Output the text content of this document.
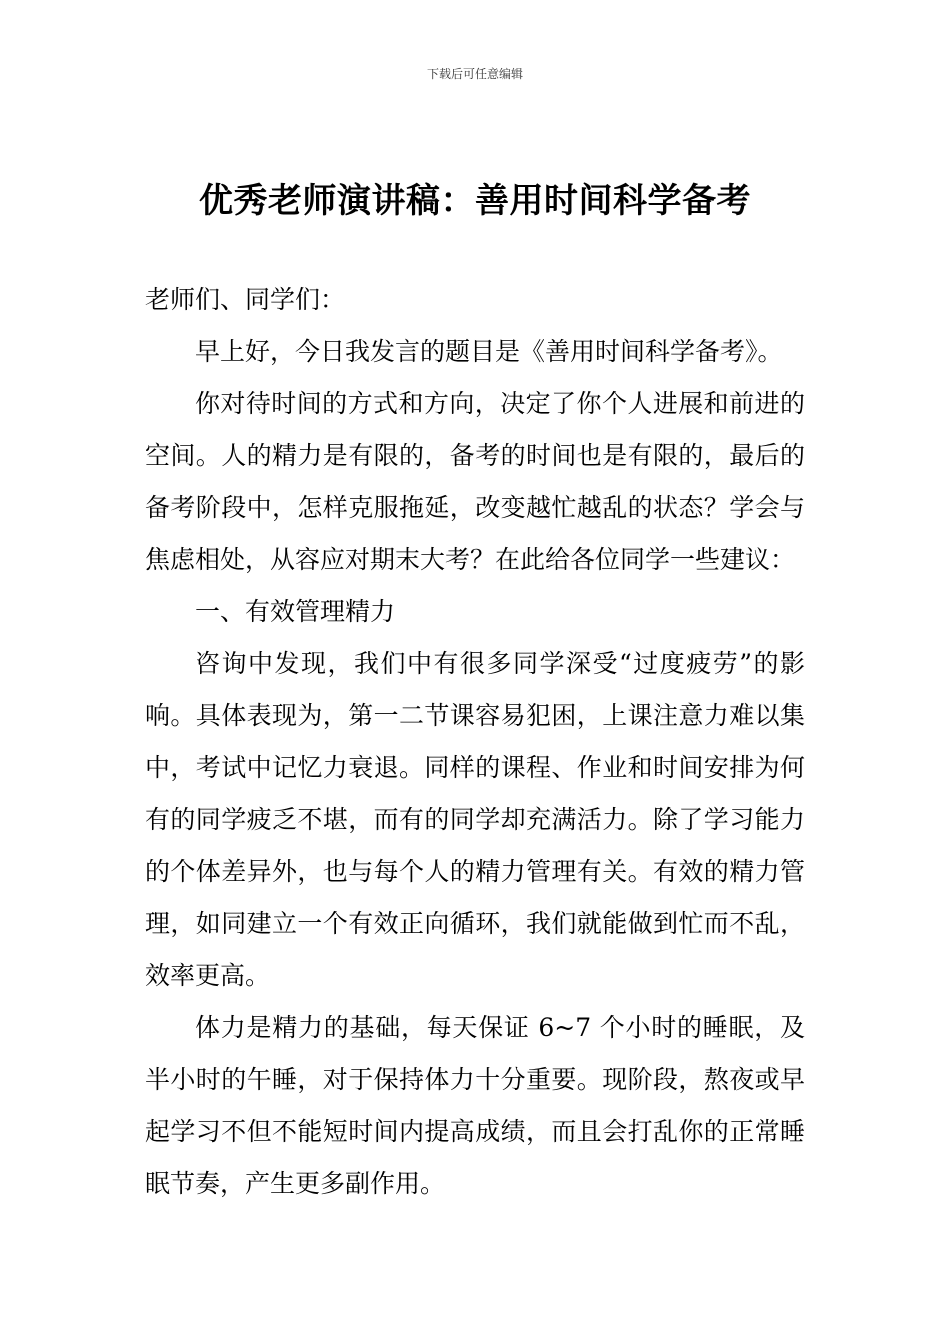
下载后可任意编辑
优秀老师演讲稿：善用时间科学备考

老师们、同学们：

早上好，今日我发言的题目是《善用时间科学备考》。

你对待时间的方式和方向，决定了你个人进展和前进的空间。人的精力是有限的，备考的时间也是有限的，最后的备考阶段中，怎样克服拖延，改变越忙越乱的状态？学会与焦虑相处，从容应对期末大考？在此给各位同学一些建议：

一、有效管理精力

咨询中发现，我们中有很多同学深受“过度疲劳”的影响。具体表现为，第一二节课容易犯困，上课注意力难以集中，考试中记忆力衰退。同样的课程、作业和时间安排为何有的同学疲乏不堪，而有的同学却充满活力。除了学习能力的个体差异外，也与每个人的精力管理有关。有效的精力管理，如同建立一个有效正向循环，我们就能做到忙而不乱，效率更高。

体力是精力的基础，每天保证 6~7 个小时的睡眠，及半小时的午睡，对于保持体力十分重要。现阶段，熬夜或早起学习不但不能短时间内提高成绩，而且会打乱你的正常睡眠节奏，产生更多副作用。
